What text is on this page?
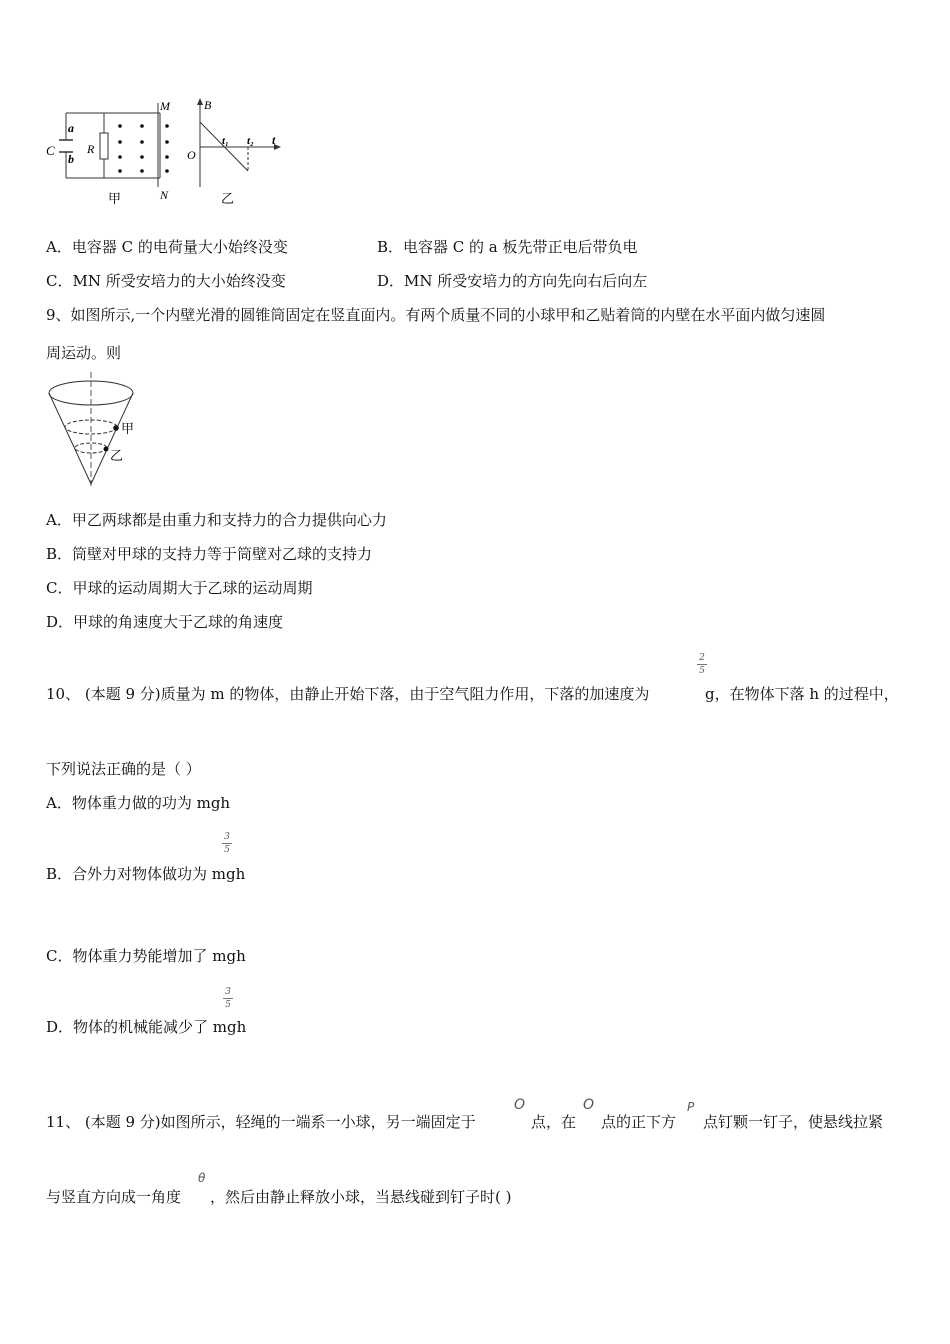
M
N
a
b
C	R
甲
B
O
t₁ t₂ t
乙
A．电容器 C 的电荷量大小始终没变	B．电容器 C 的 a 板先带正电后带负电
C．MN 所受安培力的大小始终没变	D．MN 所受安培力的方向先向右后向左
9、如图所示,一个内壁光滑的圆锥筒固定在竖直面内。有两个质量不同的小球甲和乙贴着筒的内壁在水平面内做匀速圆
周运动。则
甲
乙
A．甲乙两球都是由重力和支持力的合力提供向心力
B．筒壁对甲球的支持力等于筒壁对乙球的支持力
C．甲球的运动周期大于乙球的运动周期
D．甲球的角速度大于乙球的角速度
10、 (本题 9 分)质量为 m 的物体，由静止开始下落，由于空气阻力作用，下落的加速度为
2
5
g，在物体下落 h 的过程中，
下列说法正确的是（ ）
A．物体重力做的功为 mgh
3
5
B．合外力对物体做功为 mgh
C．物体重力势能增加了 mgh
3
5
D．物体的机械能减少了 mgh
11、 (本题 9 分)如图所示，轻绳的一端系一小球，另一端固定于
O
点，在
O
点的正下方
P
点钉颗一钉子，使悬线拉紧
与竖直方向成一角度
θ
，然后由静止释放小球，当悬线碰到钉子时( )
